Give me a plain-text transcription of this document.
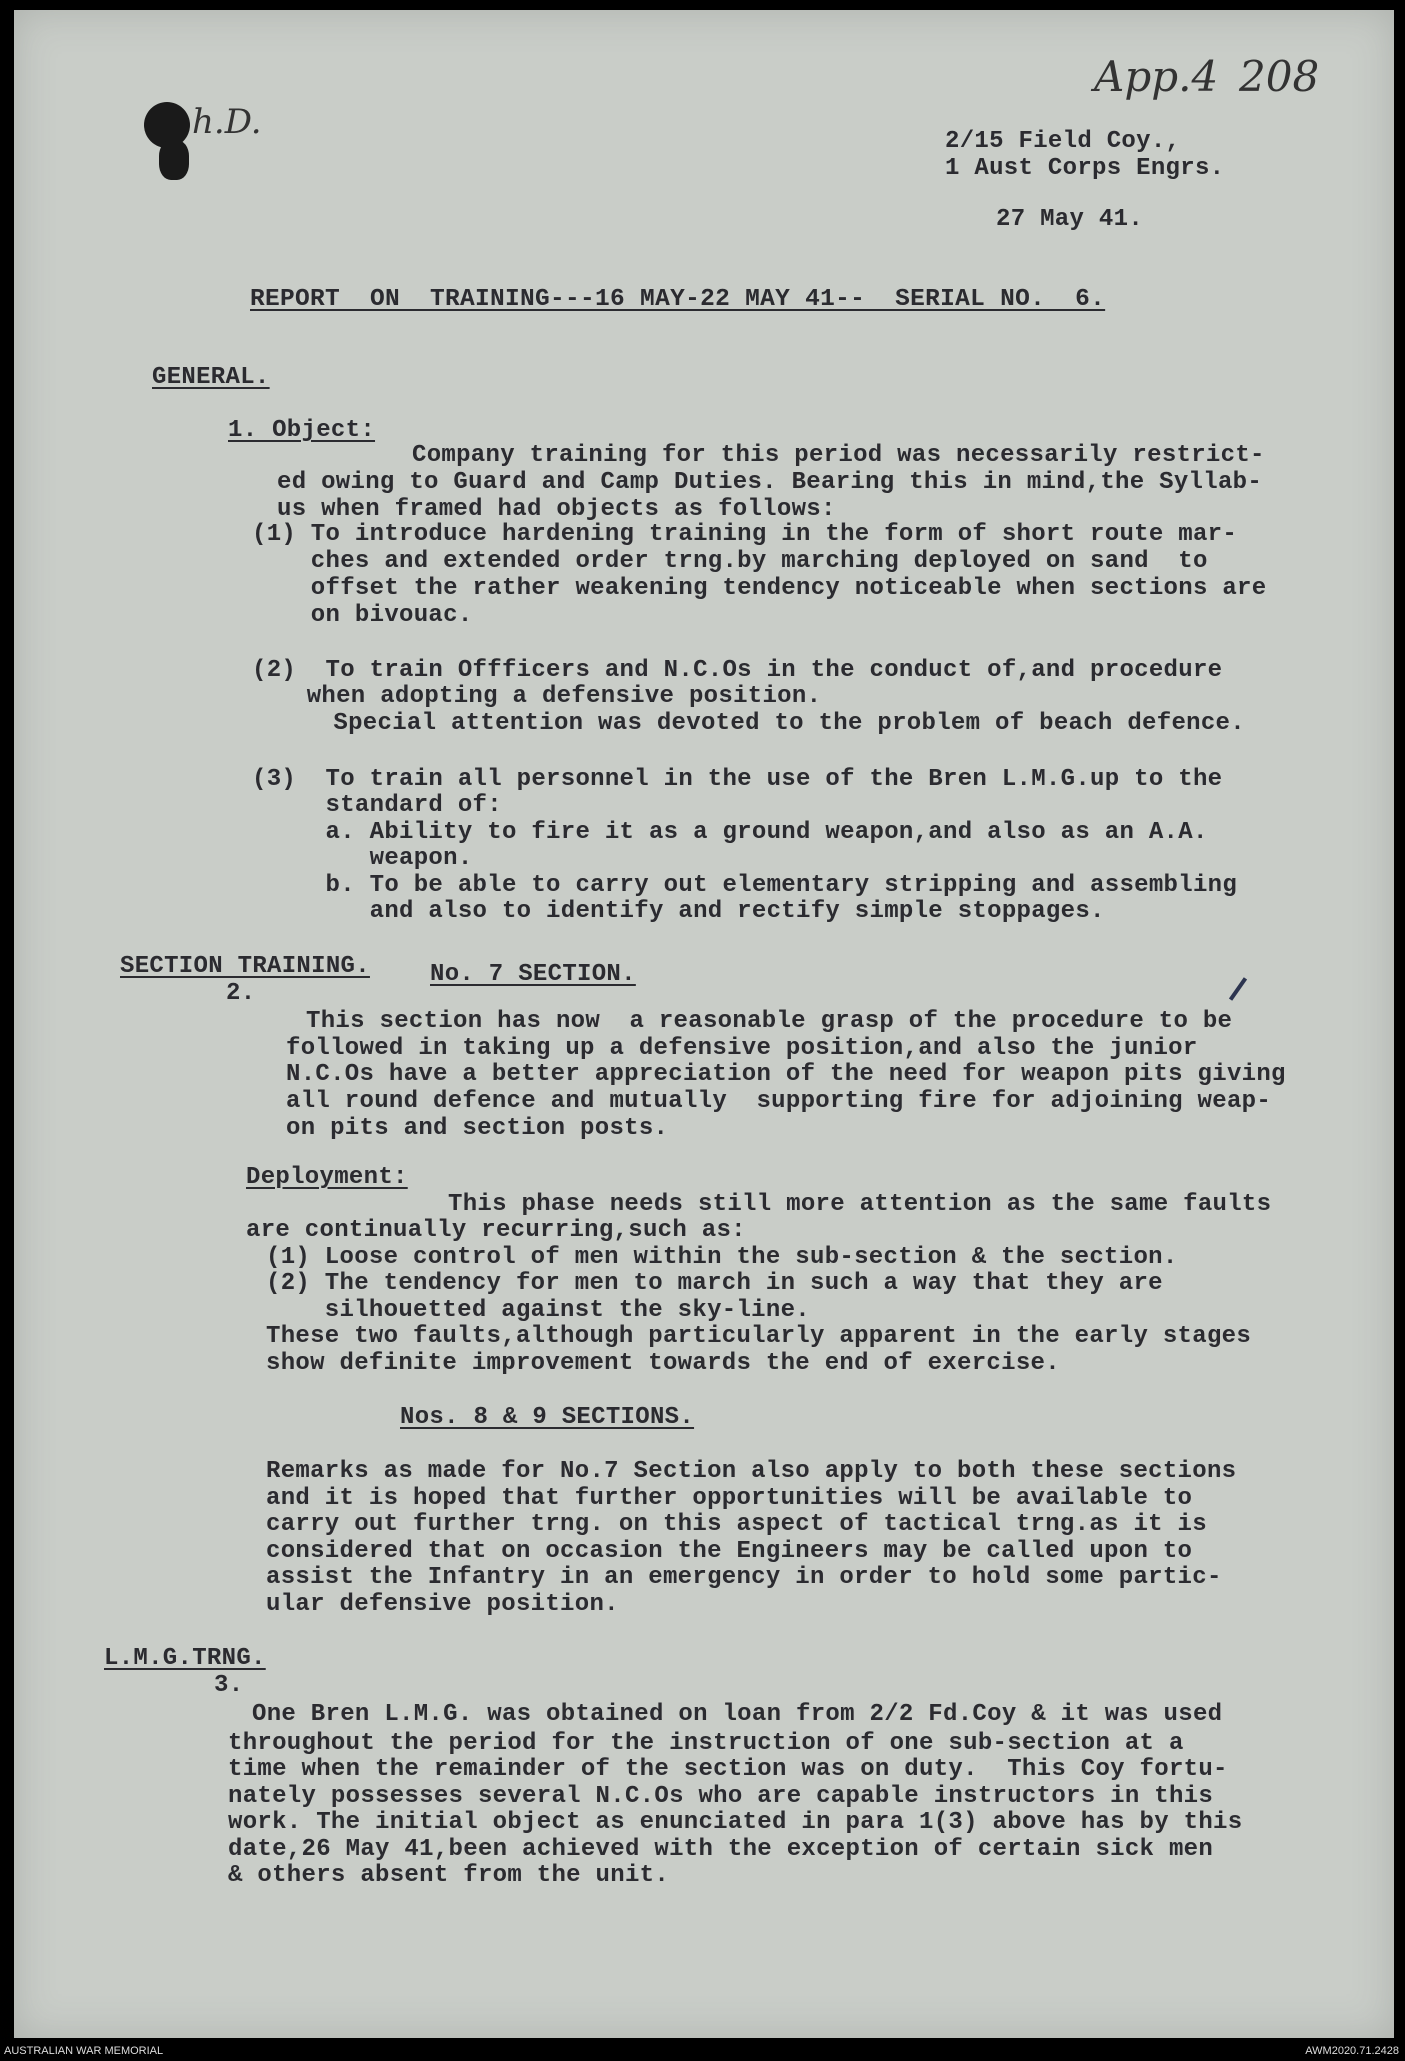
App.4 208
h.D.	2/15 Field Coy.,
1 Aust Corps Engrs.
27 May 41.
REPORT  ON  TRAINING---16 MAY-22 MAY 41--  SERIAL NO.  6.
GENERAL.
1. Object:
Company training for this period was necessarily restrict-
ed owing to Guard and Camp Duties. Bearing this in mind,the Syllab-
us when framed had objects as follows:
(1) To introduce hardening training in the form of short route mar-
ches and extended order trng.by marching deployed on sand  to
offset the rather weakening tendency noticeable when sections are
on bivouac.
(2)  To train Offficers and N.C.Os in the conduct of,and procedure
when adopting a defensive position.
Special attention was devoted to the problem of beach defence.
(3)  To train all personnel in the use of the Bren L.M.G.up to the
standard of:
a. Ability to fire it as a ground weapon,and also as an A.A.
weapon.
b. To be able to carry out elementary stripping and assembling
and also to identify and rectify simple stoppages.
SECTION TRAINING.
2.
No. 7 SECTION.
This section has now  a reasonable grasp of the procedure to be
followed in taking up a defensive position,and also the junior
N.C.Os have a better appreciation of the need for weapon pits giving
all round defence and mutually  supporting fire for adjoining weap-
on pits and section posts.
Deployment:
This phase needs still more attention as the same faults
are continually recurring,such as:
(1) Loose control of men within the sub-section & the section.
(2) The tendency for men to march in such a way that they are
silhouetted against the sky-line.
These two faults,although particularly apparent in the early stages
show definite improvement towards the end of exercise.
Nos. 8 & 9 SECTIONS.
Remarks as made for No.7 Section also apply to both these sections
and it is hoped that further opportunities will be available to
carry out further trng. on this aspect of tactical trng.as it is
considered that on occasion the Engineers may be called upon to
assist the Infantry in an emergency in order to hold some partic-
ular defensive position.
L.M.G.TRNG.
3.
One Bren L.M.G. was obtained on loan from 2/2 Fd.Coy & it was used
throughout the period for the instruction of one sub-section at a
time when the remainder of the section was on duty.  This Coy fortu-
nately possesses several N.C.Os who are capable instructors in this
work. The initial object as enunciated in para 1(3) above has by this
date,26 May 41,been achieved with the exception of certain sick men
& others absent from the unit.
AUSTRALIAN WAR MEMORIAL	AWM2020.71.2428
